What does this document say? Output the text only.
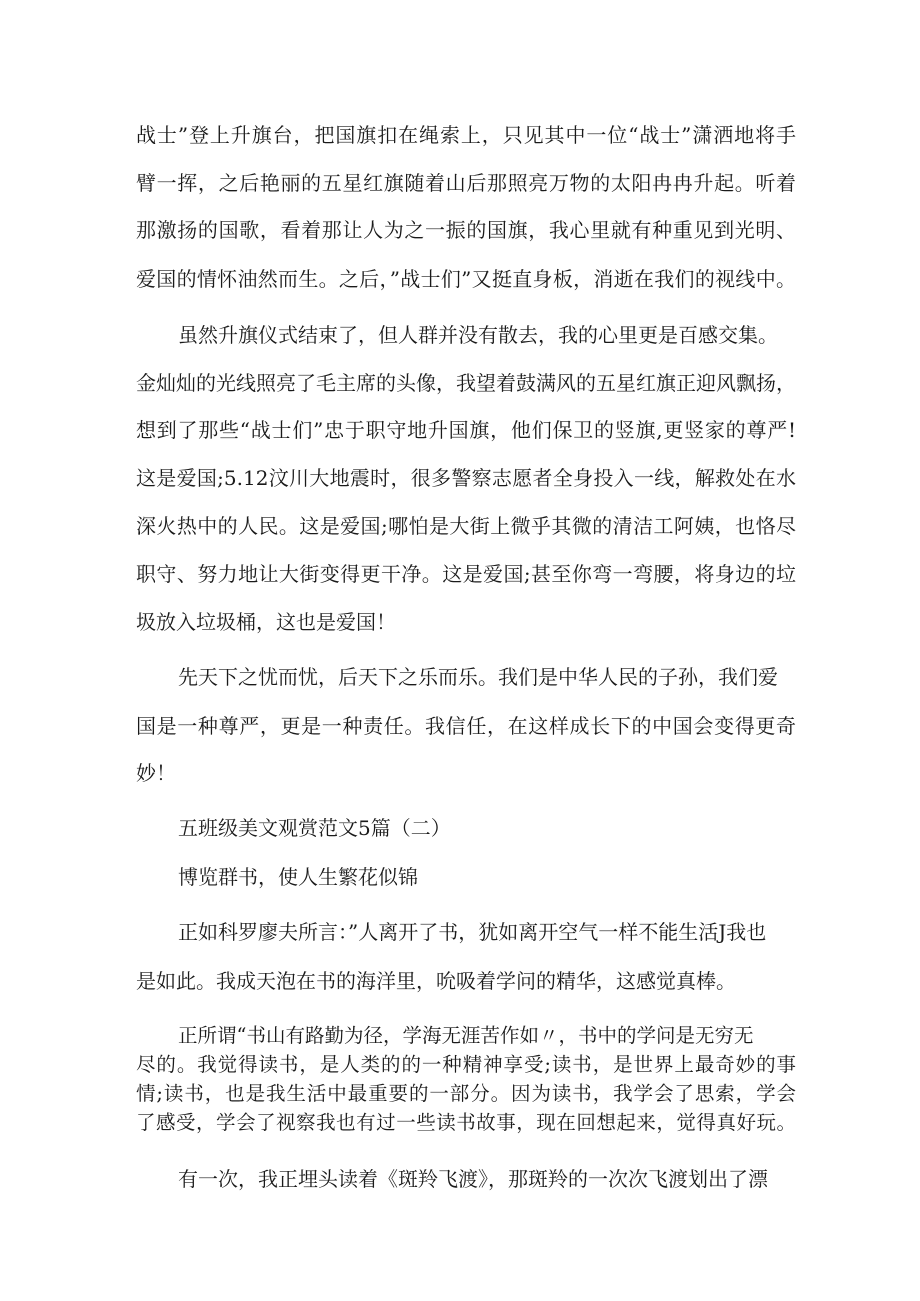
战士”登上升旗台，把国旗扣在绳索上，只见其中一位“战士”潇洒地将手
臂一挥，之后艳丽的五星红旗随着山后那照亮万物的太阳冉冉升起。听着
那激扬的国歌，看着那让人为之一振的国旗，我心里就有种重见到光明、
爱国的情怀油然而生。之后，”战士们”又挺直身板，消逝在我们的视线中。
虽然升旗仪式结束了，但人群并没有散去，我的心里更是百感交集。
金灿灿的光线照亮了毛主席的头像，我望着鼓满风的五星红旗正迎风飘扬，
想到了那些“战士们”忠于职守地升国旗，他们保卫的竖旗,更竖家的尊严!
这是爱国;5.12汶川大地震时，很多警察志愿者全身投入一线，解救处在水
深火热中的人民。这是爱国;哪怕是大街上微乎其微的清洁工阿姨，也恪尽
职守、努力地让大街变得更干净。这是爱国;甚至你弯一弯腰，将身边的垃
圾放入垃圾桶，这也是爱国！
先天下之忧而忧，后天下之乐而乐。我们是中华人民的子孙，我们爱
国是一种尊严，更是一种责任。我信任，在这样成长下的中国会变得更奇
妙！
五班级美文观赏范文5篇（二）
博览群书，使人生繁花似锦
正如科罗廖夫所言：”人离开了书，犹如离开空气一样不能生活J我也
是如此。我成天泡在书的海洋里，吮吸着学问的精华，这感觉真棒。
正所谓“书山有路勤为径，学海无涯苦作如〃，书中的学问是无穷无
尽的。我觉得读书，是人类的的一种精神享受;读书，是世界上最奇妙的事
情;读书，也是我生活中最重要的一部分。因为读书，我学会了思索，学会
了感受，学会了视察我也有过一些读书故事，现在回想起来，觉得真好玩。
有一次，我正埋头读着《斑羚飞渡》，那斑羚的一次次飞渡划出了漂
